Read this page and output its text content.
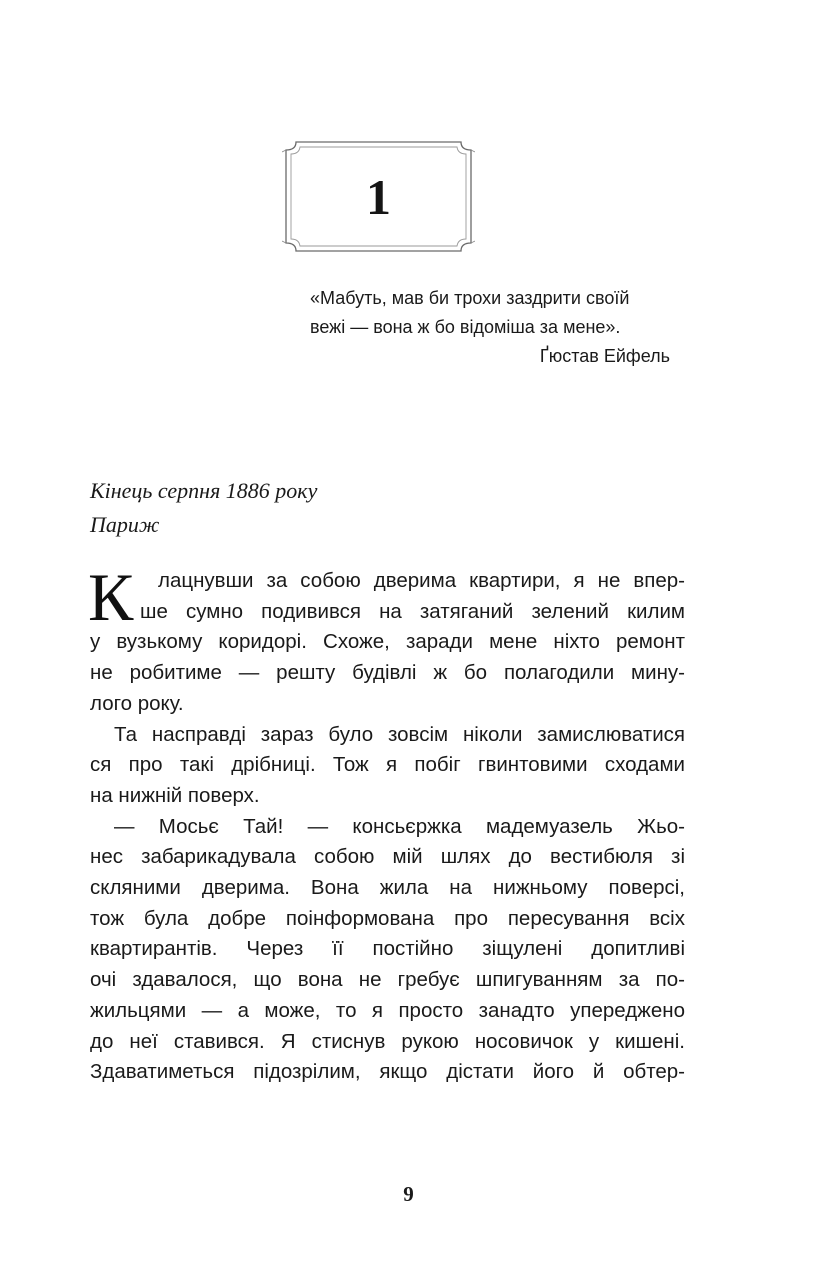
1
«Мабуть, мав би трохи заздрити своїй
вежі — вона ж бо відоміша за мене».
Ґюстав Ейфель
Кінець серпня 1886 року
Париж
К лацнувши за собою дверима квартири, я не впер-
ше сумно подивився на затяганий зелений килим
у вузькому коридорі. Схоже, заради мене ніхто ремонт
не робитиме — решту будівлі ж бо полагодили мину-
лого року.
Та насправді зараз було зовсім ніколи замислюватися
ся про такі дрібниці. Тож я побіг гвинтовими сходами
на нижній поверх.
— Мосьє Тай! — консьєржка мадемуазель Жьо-
нес забарикадувала собою мій шлях до вестибюля зі
скляними дверима. Вона жила на нижньому поверсі,
тож була добре поінформована про пересування всіх
квартирантів. Через її постійно зіщулені допитливі
очі здавалося, що вона не гребує шпигуванням за по-
жильцями — а може, то я просто занадто упереджено
до неї ставився. Я стиснув рукою носовичок у кишені.
Здаватиметься підозрілим, якщо дістати його й обтер-
9
